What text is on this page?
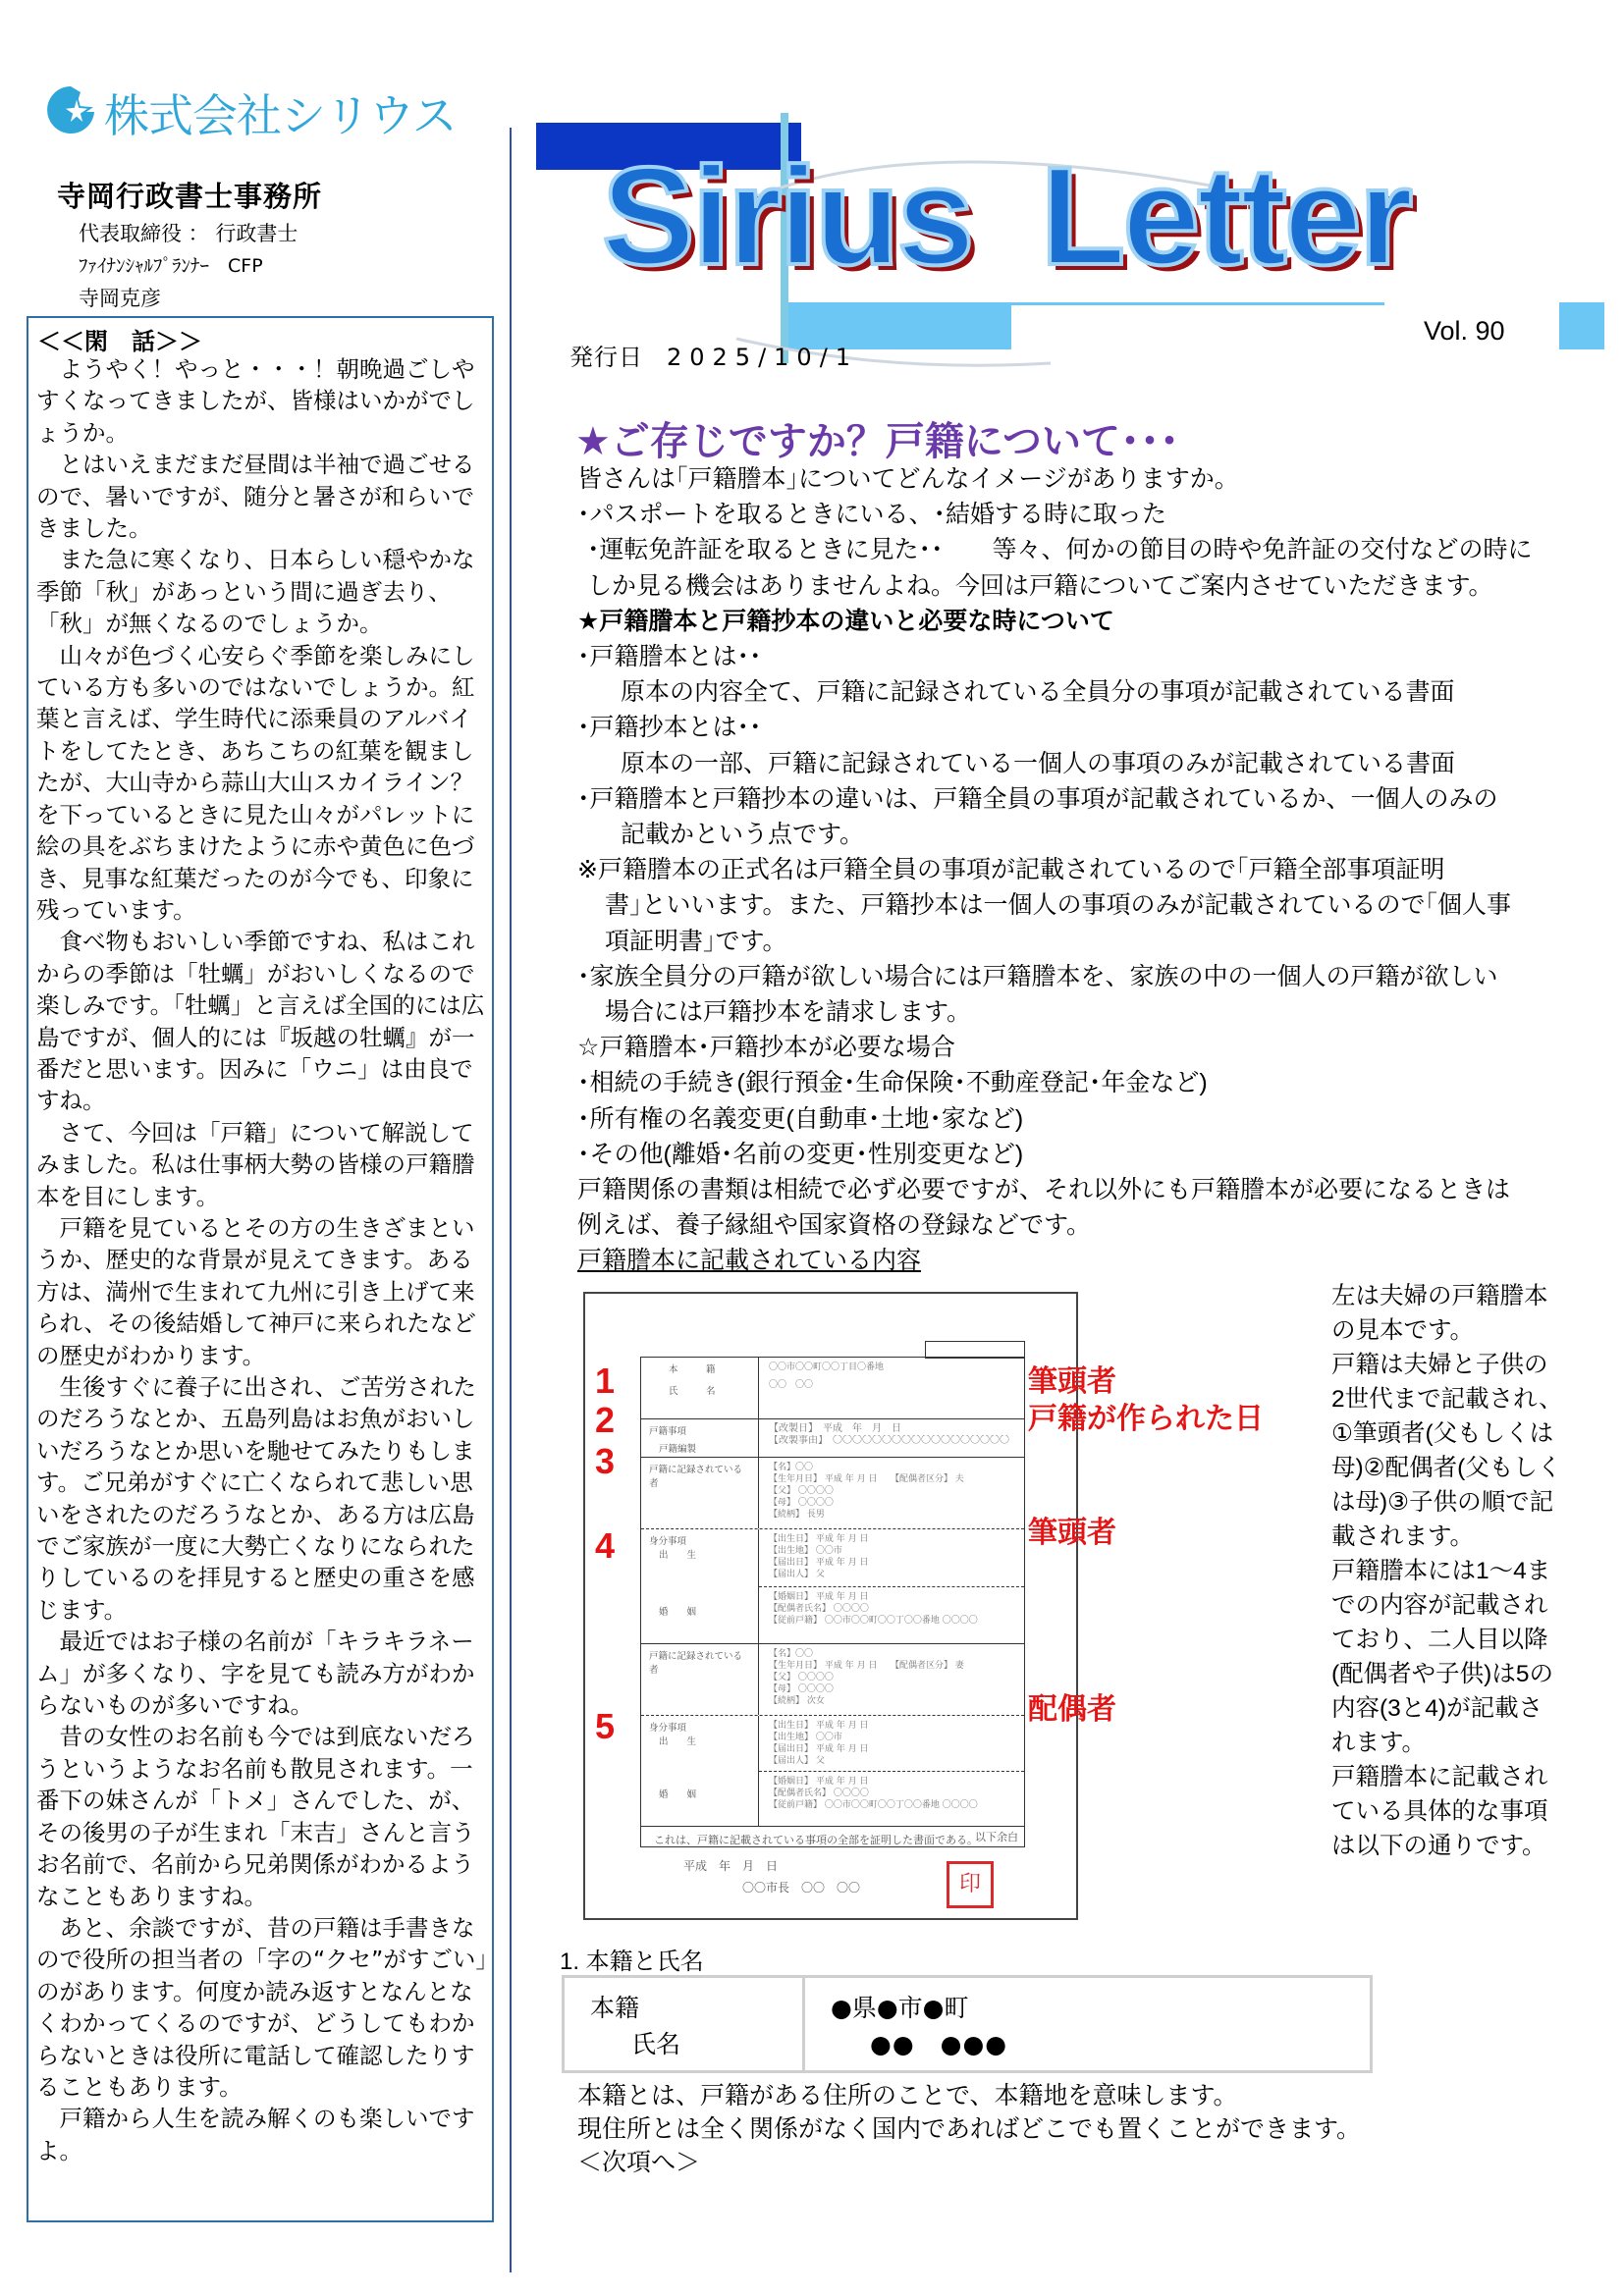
株式会社シリウス
寺岡行政書士事務所
代表取締役 ： 行政書士
ﾌｧｲﾅﾝｼｬﾙﾌﾟﾗﾝﾅｰ　CFP
寺岡克彦
＜＜閑　話＞＞

ようやく！やっと・・・！朝晩過ごしやすくなってきましたが、皆様はいかがでしょうか。

とはいえまだまだ昼間は半袖で過ごせるので、暑いですが、随分と暑さが和らいできました。

また急に寒くなり、日本らしい穏やかな季節「秋」があっという間に過ぎ去り、「秋」が無くなるのでしょうか。

山々が色づく心安らぐ季節を楽しみにしている方も多いのではないでしょうか。紅葉と言えば、学生時代に添乗員のアルバイトをしてたとき、あちこちの紅葉を観ましたが、大山寺から蒜山大山スカイライン？を下っているときに見た山々がパレットに絵の具をぶちまけたように赤や黄色に色づき、見事な紅葉だったのが今でも、印象に残っています。

食べ物もおいしい季節ですね、私はこれからの季節は「牡蠣」がおいしくなるので楽しみです。「牡蠣」と言えば全国的には広島ですが、個人的には『坂越の牡蠣』が一番だと思います。因みに「ウニ」は由良ですね。

さて、今回は「戸籍」について解説してみました。私は仕事柄大勢の皆様の戸籍謄本を目にします。

戸籍を見ているとその方の生きざまというか、歴史的な背景が見えてきます。ある方は、満州で生まれて九州に引き上げて来られ、その後結婚して神戸に来られたなどの歴史がわかります。

生後すぐに養子に出され、ご苦労されたのだろうなとか、五島列島はお魚がおいしいだろうなとか思いを馳せてみたりもします。ご兄弟がすぐに亡くなられて悲しい思いをされたのだろうなとか、ある方は広島でご家族が一度に大勢亡くなりになられたりしているのを拝見すると歴史の重さを感じます。

最近ではお子様の名前が「キラキラネーム」が多くなり、字を見ても読み方がわからないものが多いですね。

昔の女性のお名前も今では到底ないだろうというようなお名前も散見されます。一番下の妹さんが「トメ」さんでした、が、その後男の子が生まれ「末吉」さんと言うお名前で、名前から兄弟関係がわかるようなこともありますね。

あと、余談ですが、昔の戸籍は手書きなので役所の担当者の「字の“クセ”がすごい」のがあります。何度か読み返すとなんとなくわかってくるのですが、どうしてもわからないときは役所に電話して確認したりすることもあります。

戸籍から人生を読み解くのも楽しいですよ。

Sirius Letter
Vol. 90
発行日 2025/10/1
★ご存じですか？戸籍について･･･
皆さんは｢戸籍謄本｣についてどんなイメージがありますか。
･パスポートを取るときにいる、･結婚する時に取った
･運転免許証を取るときに見た･･　　等々、何かの節目の時や免許証の交付などの時に
しか見る機会はありませんよね。今回は戸籍についてご案内させていただきます。
★戸籍謄本と戸籍抄本の違いと必要な時について
･戸籍謄本とは･･
原本の内容全て、戸籍に記録されている全員分の事項が記載されている書面
･戸籍抄本とは･･
原本の一部、戸籍に記録されている一個人の事項のみが記載されている書面
･戸籍謄本と戸籍抄本の違いは、戸籍全員の事項が記載されているか、一個人のみの
記載かという点です。
※戸籍謄本の正式名は戸籍全員の事項が記載されているので｢戸籍全部事項証明
書｣といいます。また、戸籍抄本は一個人の事項のみが記載されているので｢個人事
項証明書｣です。
･家族全員分の戸籍が欲しい場合には戸籍謄本を、家族の中の一個人の戸籍が欲しい
場合には戸籍抄本を請求します。
☆戸籍謄本･戸籍抄本が必要な場合
･相続の手続き(銀行預金･生命保険･不動産登記･年金など)
･所有権の名義変更(自動車･土地･家など)
･その他(離婚･名前の変更･性別変更など)
戸籍関係の書類は相続で必ず必要ですが、それ以外にも戸籍謄本が必要になるときは
例えば、養子縁組や国家資格の登録などです。
戸籍謄本に記載されている内容
本　　　籍
氏　　　名
〇〇市〇〇町〇〇丁目〇番地
〇〇　〇〇
戸籍事項
戸籍編製
【改製日】　平成　年　月　日
【改製事由】　〇〇〇〇〇〇〇〇〇〇〇〇〇〇〇〇〇〇
戸籍に記録されている者
【名】〇〇
【生年月日】 平成 年 月 日　　【配偶者区分】 夫
【父】 〇〇〇〇
【母】 〇〇〇〇
【続柄】 長男
身分事項
出　　生
婚　　姻
【出生日】 平成 年 月 日
【出生地】 〇〇市
【届出日】 平成 年 月 日
【届出人】 父
【婚姻日】 平成 年 月 日
【配偶者氏名】 〇〇〇〇
【従前戸籍】 〇〇市〇〇町〇〇丁〇〇番地 〇〇〇〇
戸籍に記録されている者
【名】〇〇
【生年月日】 平成 年 月 日　　【配偶者区分】 妻
【父】 〇〇〇〇
【母】 〇〇〇〇
【続柄】 次女
身分事項
出　　生
婚　　姻
【出生日】 平成 年 月 日
【出生地】 〇〇市
【届出日】 平成 年 月 日
【届出人】 父
【婚姻日】 平成 年 月 日
【配偶者氏名】 〇〇〇〇
【従前戸籍】 〇〇市〇〇町〇〇丁〇〇番地 〇〇〇〇
以下余白
これは、戸籍に記載されている事項の全部を証明した書面である。
平成　年　月　日
〇〇市長　〇〇　〇〇	印
1
2
3
4
5
筆頭者
戸籍が作られた日
筆頭者
配偶者
左は夫婦の戸籍謄本
の見本です。
戸籍は夫婦と子供の
2世代まで記載され、
①筆頭者(父もしくは
母)②配偶者(父もしく
は母)③子供の順で記
載されます。
戸籍謄本には1～4ま
での内容が記載され
ており、二人目以降
(配偶者や子供)は5の
内容(3と4)が記載さ
れます。
戸籍謄本に記載され
ている具体的な事項
は以下の通りです。
1. 本籍と氏名
本籍
氏名
●県●市●町
●●　●●●
本籍とは、戸籍がある住所のことで、本籍地を意味します。
現住所とは全く関係がなく国内であればどこでも置くことができます。
＜次項へ＞
